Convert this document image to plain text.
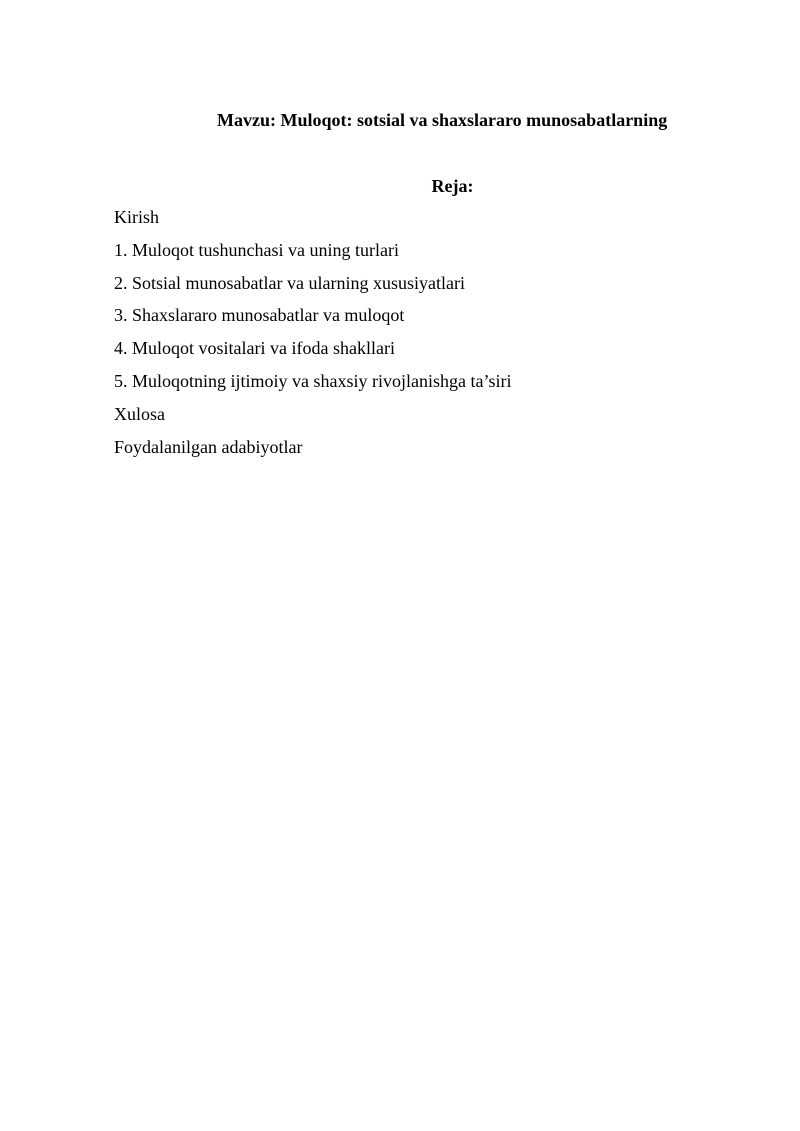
Mavzu: Muloqot: sotsial va shaxslararo munosabatlarning
Reja:
Kirish
1. Muloqot tushunchasi va uning turlari
2. Sotsial munosabatlar va ularning xususiyatlari
3. Shaxslararo munosabatlar va muloqot
4. Muloqot vositalari va ifoda shakllari
5. Muloqotning ijtimoiy va shaxsiy rivojlanishga ta’siri
Xulosa
Foydalanilgan adabiyotlar
